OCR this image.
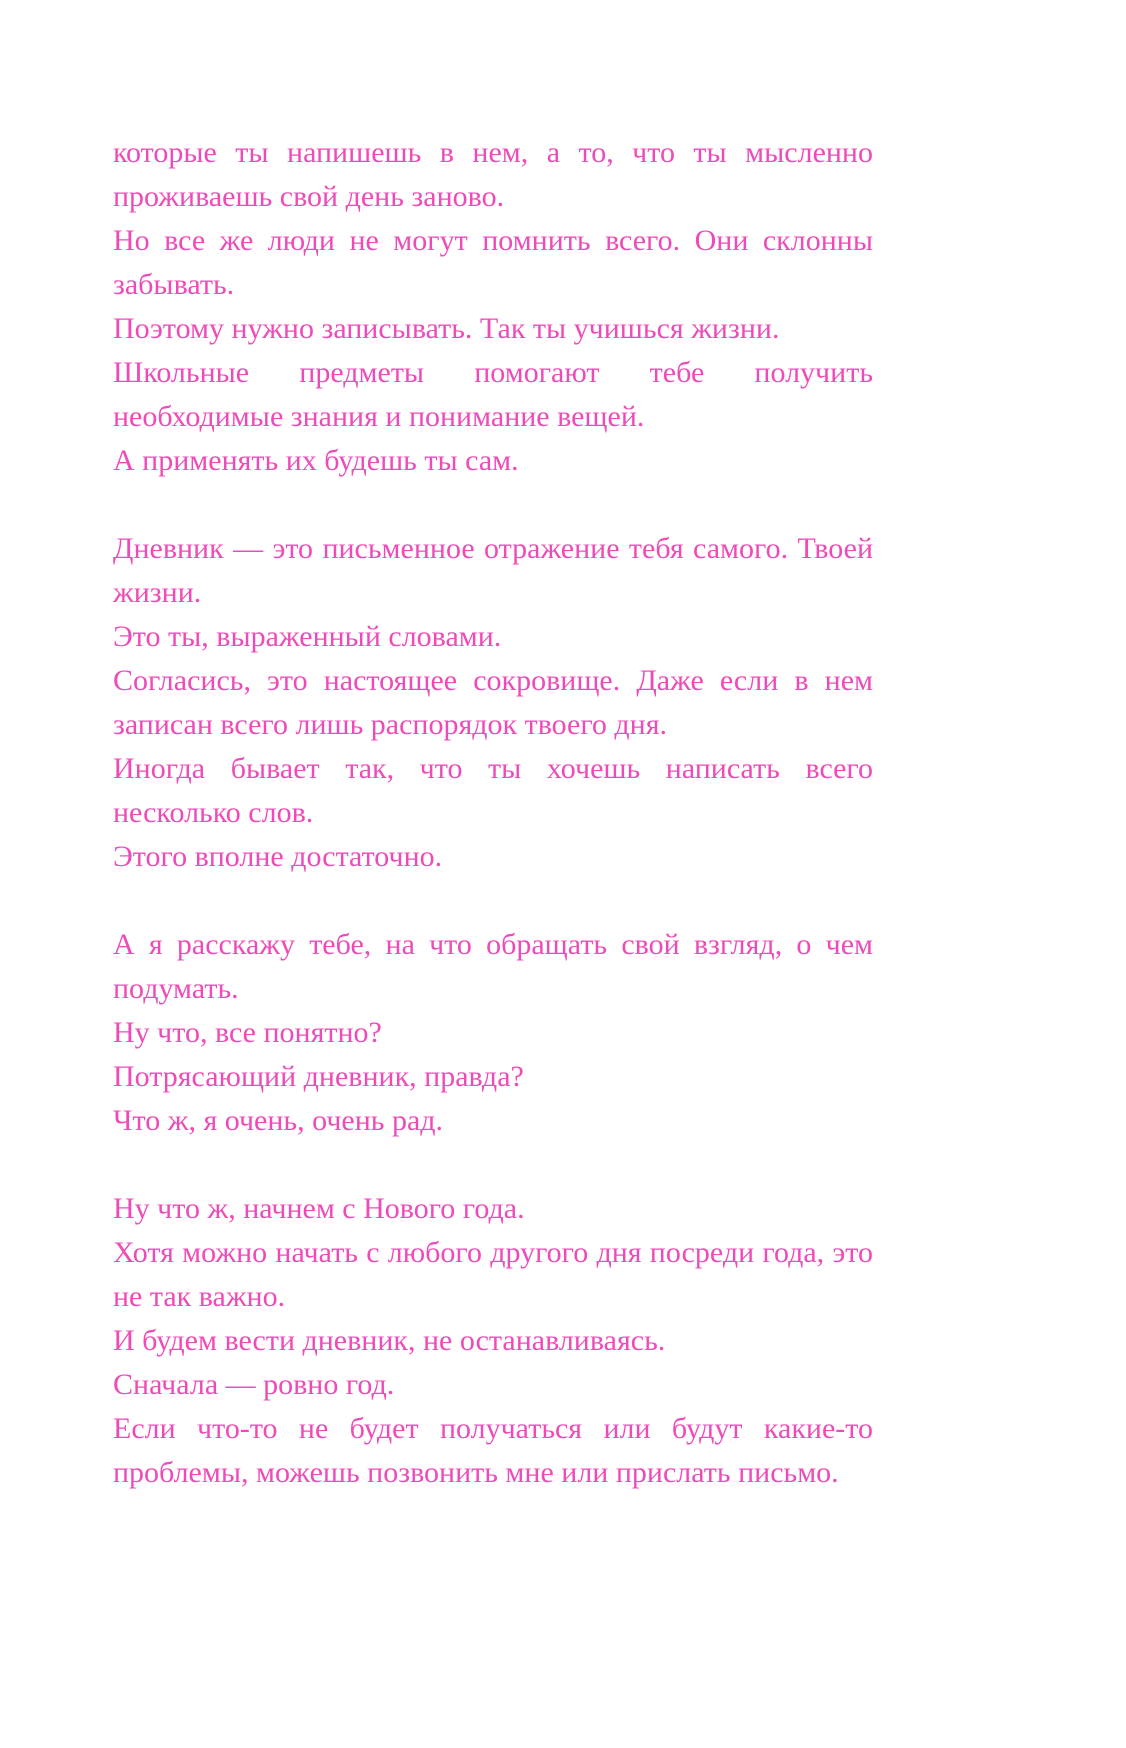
которые ты напишешь в нем, а то, что ты мысленно проживаешь свой день заново.

Но все же люди не могут помнить всего. Они склонны забывать.

Поэтому нужно записывать. Так ты учишься жизни.

Школьные предметы помогают тебе получить необходимые знания и понимание вещей.

А применять их будешь ты сам.

Дневник — это письменное отражение тебя самого. Твоей жизни.

Это ты, выраженный словами.

Согласись, это настоящее сокровище. Даже если в нем записан всего лишь распорядок твоего дня.

Иногда бывает так, что ты хочешь написать всего несколько слов.

Этого вполне достаточно.

А я расскажу тебе, на что обращать свой взгляд, о чем подумать.

Ну что, все понятно?

Потрясающий дневник, правда?

Что ж, я очень, очень рад.

Ну что ж, начнем с Нового года.

Хотя можно начать с любого другого дня посреди года, это не так важно.

И будем вести дневник, не останавливаясь.

Сначала — ровно год.

Если что-то не будет получаться или будут какие-то проблемы, можешь позвонить мне или прислать письмо.
